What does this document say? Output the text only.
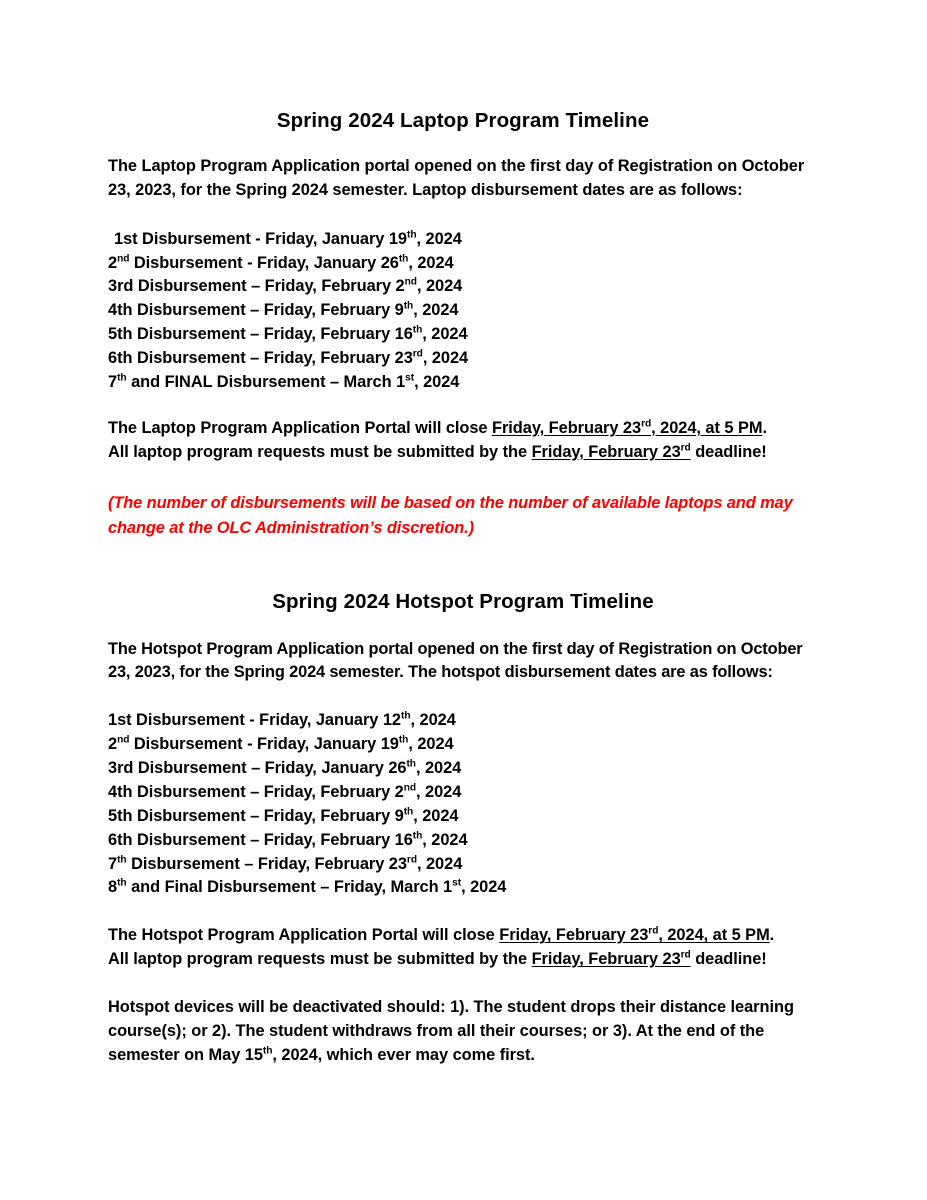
Spring 2024 Laptop Program Timeline

The Laptop Program Application portal opened on the first day of Registration on October 23, 2023, for the Spring 2024 semester. Laptop disbursement dates are as follows:

1st Disbursement - Friday, January 19th, 2024
2nd Disbursement - Friday, January 26th, 2024
3rd Disbursement – Friday, February 2nd, 2024
4th Disbursement – Friday, February 9th, 2024
5th Disbursement – Friday, February 16th, 2024
6th Disbursement – Friday, February 23rd, 2024
7th and FINAL Disbursement – March 1st, 2024
The Laptop Program Application Portal will close Friday, February 23rd, 2024, at 5 PM.
All laptop program requests must be submitted by the Friday, February 23rd deadline!

(The number of disbursements will be based on the number of available laptops and may change at the OLC Administration’s discretion.)

Spring 2024 Hotspot Program Timeline

The Hotspot Program Application portal opened on the first day of Registration on October 23, 2023, for the Spring 2024 semester. The hotspot disbursement dates are as follows:

1st Disbursement - Friday, January 12th, 2024
2nd Disbursement - Friday, January 19th, 2024
3rd Disbursement – Friday, January 26th, 2024
4th Disbursement – Friday, February 2nd, 2024
5th Disbursement – Friday, February 9th, 2024
6th Disbursement – Friday, February 16th, 2024
7th Disbursement – Friday, February 23rd, 2024
8th and Final Disbursement – Friday, March 1st, 2024
The Hotspot Program Application Portal will close Friday, February 23rd, 2024, at 5 PM.
All laptop program requests must be submitted by the Friday, February 23rd deadline!

Hotspot devices will be deactivated should: 1). The student drops their distance learning course(s); or 2). The student withdraws from all their courses; or 3). At the end of the semester on May 15th, 2024, which ever may come first.
